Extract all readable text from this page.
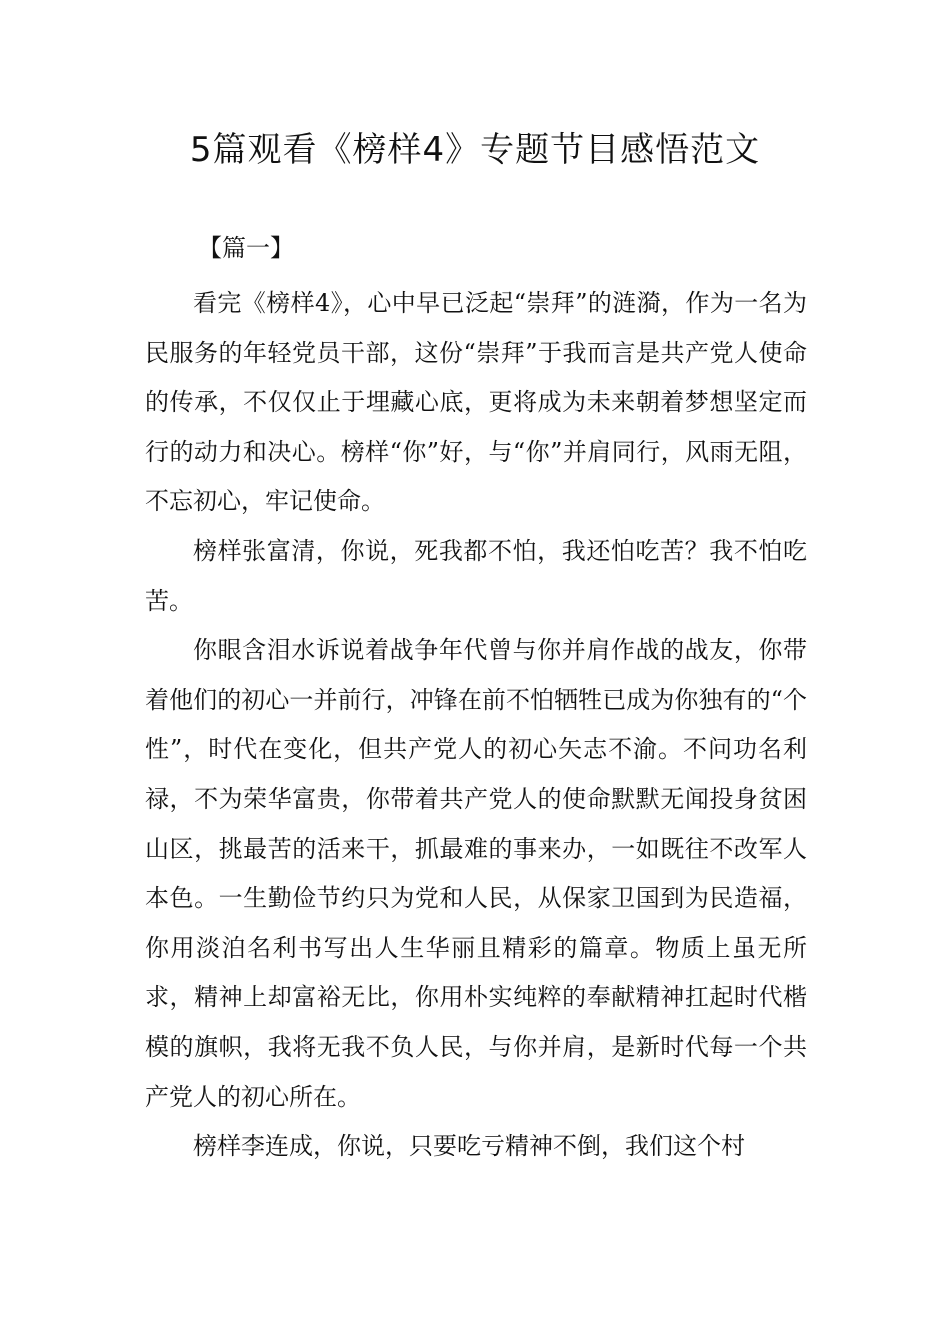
5篇观看《榜样4》专题节目感悟范文
【篇一】

看完《榜样4》，心中早已泛起“崇拜”的涟漪，作为一名为民服务的年轻党员干部，这份“崇拜”于我而言是共产党人使命的传承，不仅仅止于埋藏心底，更将成为未来朝着梦想坚定而行的动力和决心。榜样“你”好，与“你”并肩同行，风雨无阻，不忘初心，牢记使命。

榜样张富清，你说，死我都不怕，我还怕吃苦？我不怕吃苦。

你眼含泪水诉说着战争年代曾与你并肩作战的战友，你带着他们的初心一并前行，冲锋在前不怕牺牲已成为你独有的“个性”，时代在变化，但共产党人的初心矢志不渝。不问功名利禄，不为荣华富贵，你带着共产党人的使命默默无闻投身贫困山区，挑最苦的活来干，抓最难的事来办，一如既往不改军人本色。一生勤俭节约只为党和人民，从保家卫国到为民造福，你用淡泊名利书写出人生华丽且精彩的篇章。物质上虽无所求，精神上却富裕无比，你用朴实纯粹的奉献精神扛起时代楷模的旗帜，我将无我不负人民，与你并肩，是新时代每一个共产党人的初心所在。

榜样李连成，你说，只要吃亏精神不倒，我们这个村
